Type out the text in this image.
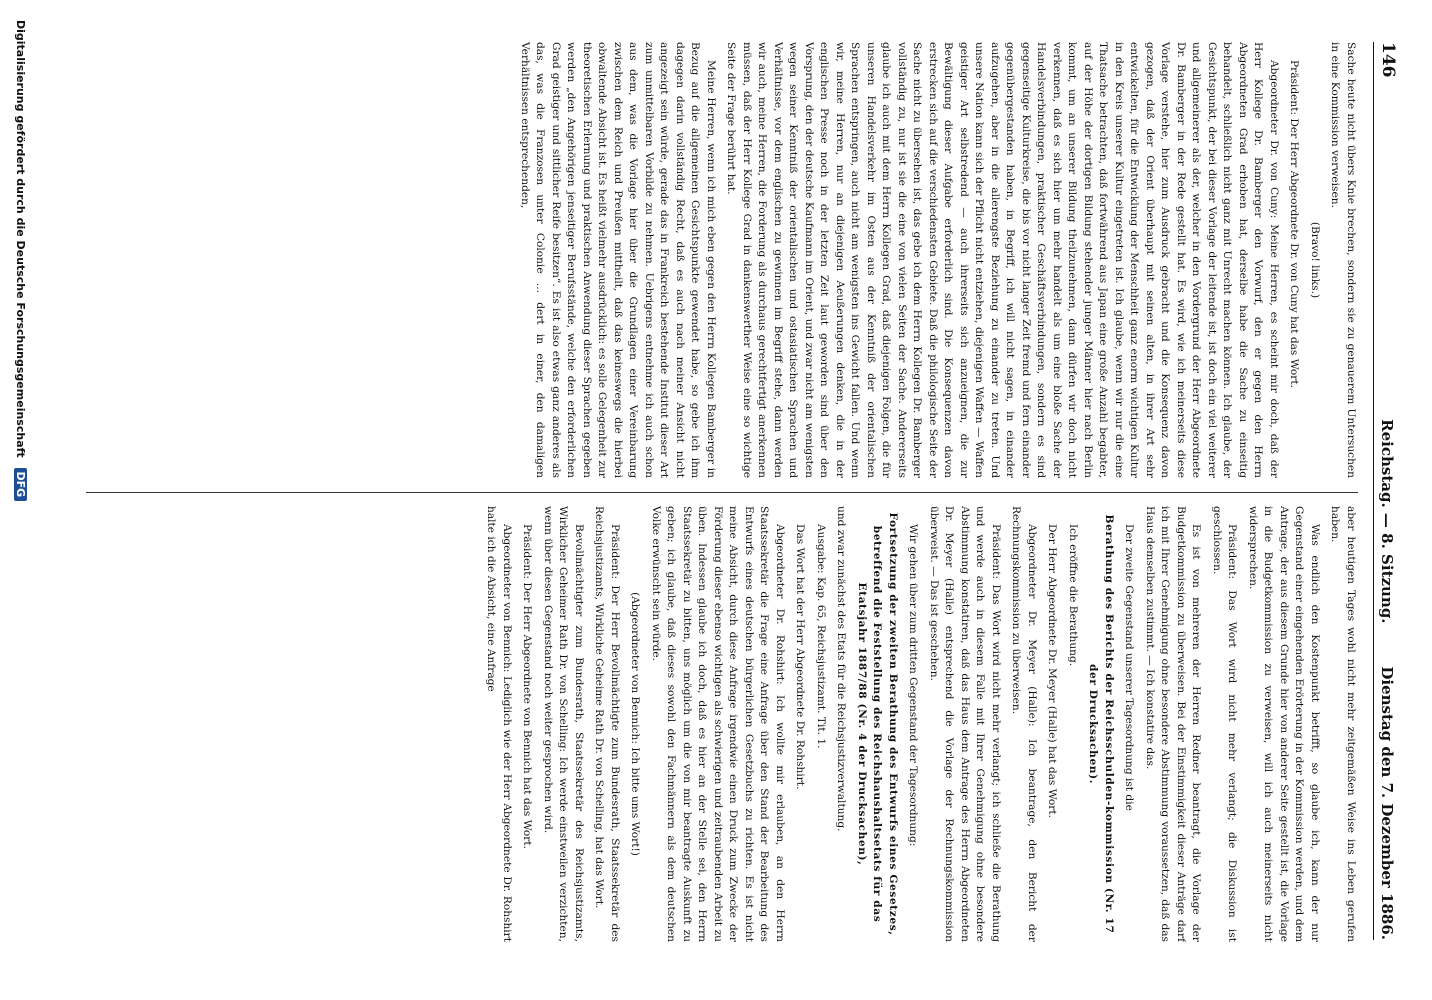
146
Reichstag. — 8. Sitzung.
Dienstag den 7. Dezember 1886.

Sache heute nicht übers Knie brechen, sondern sie zu genauerem Untersuchen in eine Kommission verweisen.

(Bravo! links.)

Präsident: Der Herr Abgeordnete Dr. von Cuny hat das Wort.

Abgeordneter Dr. von Cuny: Meine Herren, es scheint mir doch, daß der Herr Kollege Dr. Bamberger den Vorwurf, den er gegen den Herrn Abgeordneten Grad erhoben hat, derselbe habe die Sache zu einseitig behandelt, schließlich nicht ganz mit Unrecht machen können. Ich glaube, der Gesichtspunkt, der bei dieser Vorlage der leitende ist, ist doch ein viel weiterer und allgemeinerer als der, welcher in den Vordergrund der Herr Abgeordnete Dr. Bamberger in der Rede gestellt hat. Es wird, wie ich meinerseits diese Vorlage verstehe, hier zum Ausdruck gebracht und die Konsequenz davon gezogen, daß der Orient überhaupt mit seinen alten, in ihrer Art sehr entwickelten, für die Entwicklung der Menschheit ganz enorm wichtigen Kultur in den Kreis unserer Kultur eingetreten ist. Ich glaube, wenn wir nur die eine Thatsache betrachten, daß fortwährend aus Japan eine große Anzahl begabter, auf der Höhe der dortigen Bildung stehender junger Männer hier nach Berlin kommt, um an unserer Bildung theilzunehmen, dann dürfen wir doch nicht verkennen, daß es sich hier um mehr handelt als um eine bloße Sache der Handelsverbindungen, praktischer Geschäftsverbindungen, sondern es sind gegenseitige Kulturkreise, die bis vor nicht langer Zeit fremd und fern einander gegenübergestanden haben, in Begriff, ich will nicht sagen, in einander aufzugehen, aber in die allerengste Beziehung zu einander zu treten. Und unsere Nation kann sich der Pflicht nicht entziehen, diejenigen Waffen — Waffen geistiger Art selbstredend — auch ihrerseits sich anzueignen, die zur Bewältigung dieser Aufgabe erforderlich sind. Die Konsequenzen davon erstrecken sich auf die verschiedensten Gebiete. Daß die philologische Seite der Sache nicht zu übersehen ist, das gebe ich dem Herrn Kollegen Dr. Bamberger vollständig zu, nur ist sie die eine von vielen Seiten der Sache. Andererseits glaube ich auch mit dem Herrn Kollegen Grad, daß diejenigen Folgen, die für unseren Handelsverkehr im Osten aus der Kenntniß der orientalischen Sprachen entspringen, auch nicht am wenigsten ins Gewicht fallen. Und wenn wir, meine Herren, nur an diejenigen Aeußerungen denken, die in der englischen Presse noch in der letzten Zeit laut geworden sind über den Vorsprung, den der deutsche Kaufmann im Orient, und zwar nicht am wenigsten wegen seiner Kenntniß der orientalischen und ostasiatischen Sprachen und Verhältnisse, vor dem englischen zu gewinnen im Begriff stehe, dann werden wir auch, meine Herren, die Forderung als durchaus gerechtfertigt anerkennen müssen, daß der Herr Kollege Grad in dankenswerther Weise eine so wichtige Seite der Frage berührt hat.

Meine Herren, wenn ich mich eben gegen den Herrn Kollegen Bamberger in Bezug auf die allgemeinen Gesichtspunkte gewendet habe, so gebe ich ihm dagegen darin vollständig Recht, daß es auch nach meiner Ansicht nicht angezeigt sein würde, gerade das in Frankreich bestehende Institut dieser Art zum unmittelbaren Vorbilde zu nehmen. Uebrigens entnehme ich auch schon aus dem, was die Vorlage hier über die Grundlagen einer Vereinbarung zwischen dem Reich und Preußen mittheilt, daß das keineswegs die hierbei obwaltende Absicht ist. Es heißt vielmehr ausdrücklich: es solle Gelegenheit zur theoretischen Erlernung und praktischen Anwendung dieser Sprachen gegeben werden „den Angehörigen jenseitiger Berufsstände, welche den erforderlichen Grad geistiger und sittlicher Reife besitzen“. Es ist also etwas ganz anderes als das, was die Franzosen unter Colonie ... dert in einer, den damaligen Verhältnissen entsprechenden,

aber heutigen Tages wohl nicht mehr zeitgemäßen Weise ins Leben gerufen haben.

Was endlich den Kostenpunkt betrifft, so glaube ich, kann der nur Gegenstand einer eingehenden Erörterung in der Kommission werden, und dem Antrage, der aus diesem Grunde hier von anderer Seite gestellt ist, die Vorlage in die Budgetkommission zu verweisen, will ich auch meinerseits nicht widersprechen.

Präsident: Das Wort wird nicht mehr verlangt; die Diskussion ist geschlossen.

Es ist von mehreren der Herren Redner beantragt, die Vorlage der Budgetkommission zu überweisen. Bei der Einstimmigkeit dieser Anträge darf ich mit Ihrer Genehmigung ohne besondere Abstimmung voraussetzen, daß das Haus demselben zustimmt. — Ich konstatire das.

Der zweite Gegenstand unserer Tagesordnung ist die

Berathung des Berichts der Reichsschulden-kommission (Nr. 17 der Drucksachen).

Ich eröffne die Berathung.

Der Herr Abgeordnete Dr. Meyer (Halle) hat das Wort.

Abgeordneter Dr. Meyer (Halle): Ich beantrage, den Bericht der Rechnungskommission zu überweisen.

Präsident: Das Wort wird nicht mehr verlangt; ich schließe die Berathung und werde auch in diesem Falle mit Ihrer Genehmigung ohne besondere Abstimmung konstatiren, daß das Haus dem Antrage des Herrn Abgeordneten Dr. Meyer (Halle) entsprechend die Vorlage der Rechnungskommission überweist. — Das ist geschehen.

Wir gehen über zum dritten Gegenstand der Tagesordnung:

Fortsetzung der zweiten Berathung des Entwurfs eines Gesetzes, betreffend die Feststellung des Reichshaushaltsetats für das Etatsjahr 1887/88 (Nr. 4 der Drucksachen),

und zwar zunächst des Etats für die Reichsjustizverwaltung.

Ausgabe: Kap. 65, Reichsjustizamt. Tit. 1.

Das Wort hat der Herr Abgeordnete Dr. Rohshirt.

Abgeordneter Dr. Rohshirt: Ich wollte mir erlauben, an den Herrn Staatssekretär die Frage eine Anfrage über den Stand der Bearbeitung des Entwurfs eines deutschen bürgerlichen Gesetzbuchs zu richten. Es ist nicht meine Absicht, durch diese Anfrage irgendwie einen Druck zum Zwecke der Förderung dieser ebenso wichtigen als schwierigen und zeitraubenden Arbeit zu üben. Indessen glaube ich doch, daß es hier an der Stelle sei, den Herrn Staatssekretär zu bitten, uns möglich um die von mir beantragte Auskunft zu geben; ich glaube, daß dieses sowohl den Fachmännern als dem deutschen Volke erwünscht sein würde.

(Abgeordneter von Bennich: Ich bitte ums Wort!)

Präsident: Der Herr Bevollmächtigte zum Bundesrath, Staatssekretär des Reichsjustizamts, Wirkliche Geheime Rath Dr. von Schelling, hat das Wort.

Bevollmächtigter zum Bundesrath, Staatssekretär des Reichsjustizamts, Wirklicher Geheimer Rath Dr. von Schelling: Ich werde einstweilen verzichten, wenn über diesen Gegenstand noch weiter gesprochen wird.

Präsident: Der Herr Abgeordnete von Bennich hat das Wort.

Abgeordneter von Bennich: Lediglich wie der Herr Abgeordnete Dr. Rohshirt halte ich die Absicht, eine Anfrage

Digitalisierung gefördert durch die Deutsche Forschungsgemeinschaft DFG
